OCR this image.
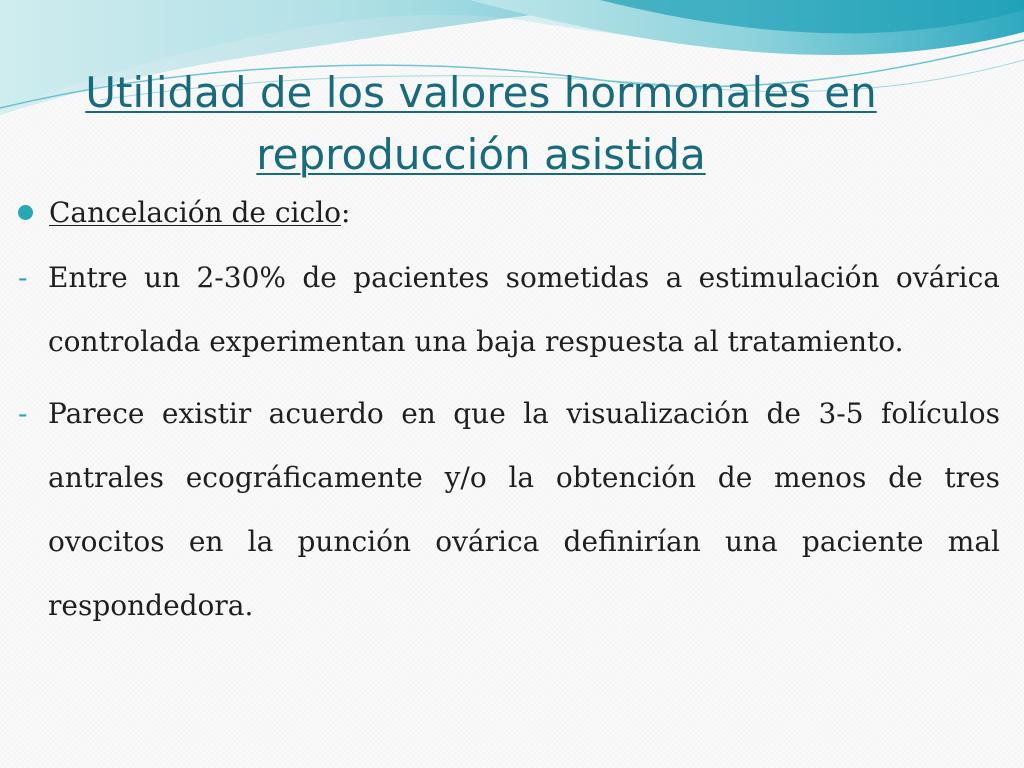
Utilidad de los valores hormonales en
reproducción asistida
Cancelación de ciclo :
- Entre un 2-30% de pacientes sometidas a estimulación ovárica controlada experimentan una baja respuesta al tratamiento.
- Parece existir acuerdo en que la visualización de 3-5 folículos antrales ecográficamente y/o la obtención de menos de tres ovocitos en la punción ovárica definirían una paciente mal respondedora.
